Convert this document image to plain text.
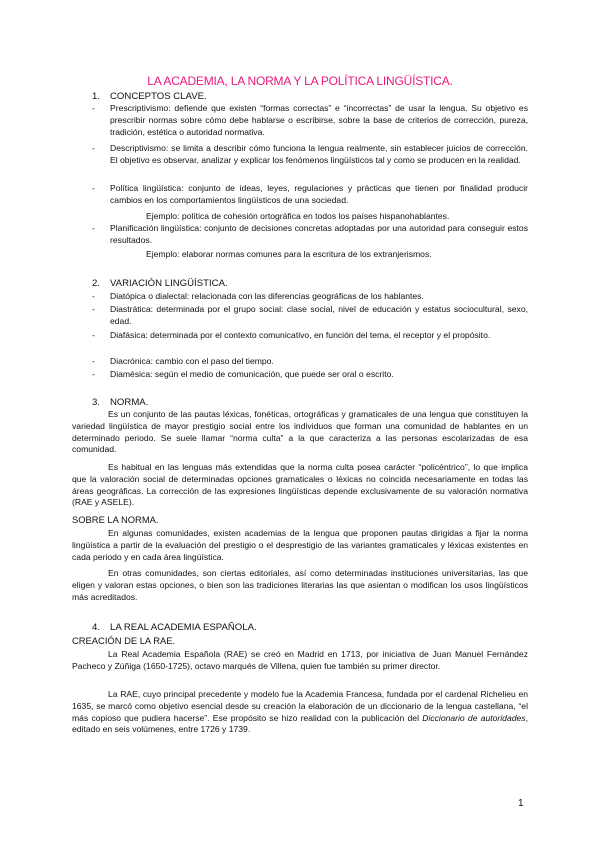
LA ACADEMIA, LA NORMA Y LA POLÍTICA LINGÜÍSTICA.
1. CONCEPTOS CLAVE.
- Prescriptivismo: defiende que existen “formas correctas” e “incorrectas” de usar la lengua. Su objetivo es prescribir normas sobre cómo debe hablarse o escribirse, sobre la base de criterios de corrección, pureza, tradición, estética o autoridad normativa.
- Descriptivismo: se limita a describir cómo funciona la lengua realmente, sin establecer juicios de corrección. El objetivo es observar, analizar y explicar los fenómenos lingüísticos tal y como se producen en la realidad.
- Política lingüística: conjunto de ideas, leyes, regulaciones y prácticas que tienen por finalidad producir cambios en los comportamientos lingüísticos de una sociedad.
Ejemplo: política de cohesión ortográfica en todos los países hispanohablantes.
- Planificación lingüística: conjunto de decisiones concretas adoptadas por una autoridad para conseguir estos resultados.
Ejemplo: elaborar normas comunes para la escritura de los extranjerismos.
2. VARIACIÓN LINGÜÍSTICA.
- Diatópica o dialectal: relacionada con las diferencias geográficas de los hablantes.
- Diastrática: determinada por el grupo social: clase social, nivel de educación y estatus sociocultural, sexo, edad.
- Diafásica: determinada por el contexto comunicativo, en función del tema, el receptor y el propósito.
- Diacrónica: cambio con el paso del tiempo.
- Diamésica: según el medio de comunicación, que puede ser oral o escrito.
3. NORMA.
Es un conjunto de las pautas léxicas, fonéticas, ortográficas y gramaticales de una lengua que constituyen la variedad lingüística de mayor prestigio social entre los individuos que forman una comunidad de hablantes en un determinado periodo. Se suele llamar “norma culta” a la que caracteriza a las personas escolarizadas de esa comunidad.
Es habitual en las lenguas más extendidas que la norma culta posea carácter “policéntrico”, lo que implica que la valoración social de determinadas opciones gramaticales o léxicas no coincida necesariamente en todas las áreas geográficas. La corrección de las expresiones lingüísticas depende exclusivamente de su valoración normativa (RAE y ASELE).
SOBRE LA NORMA.
En algunas comunidades, existen academias de la lengua que proponen pautas dirigidas a fijar la norma lingüística a partir de la evaluación del prestigio o el desprestigio de las variantes gramaticales y léxicas existentes en cada periodo y en cada área lingüística.
En otras comunidades, son ciertas editoriales, así como determinadas instituciones universitarias, las que eligen y valoran estas opciones, o bien son las tradiciones literarias las que asientan o modifican los usos lingüísticos más acreditados.
4. LA REAL ACADEMIA ESPAÑOLA.
CREACIÓN DE LA RAE.
La Real Academia Española (RAE) se creó en Madrid en 1713, por iniciativa de Juan Manuel Fernández Pacheco y Zúñiga (1650-1725), octavo marqués de Villena, quien fue también su primer director.
La RAE, cuyo principal precedente y modelo fue la Academia Francesa, fundada por el cardenal Richelieu en 1635, se marcó como objetivo esencial desde su creación la elaboración de un diccionario de la lengua castellana, “el más copioso que pudiera hacerse”. Ese propósito se hizo realidad con la publicación del Diccionario de autoridades, editado en seis volúmenes, entre 1726 y 1739.
1
